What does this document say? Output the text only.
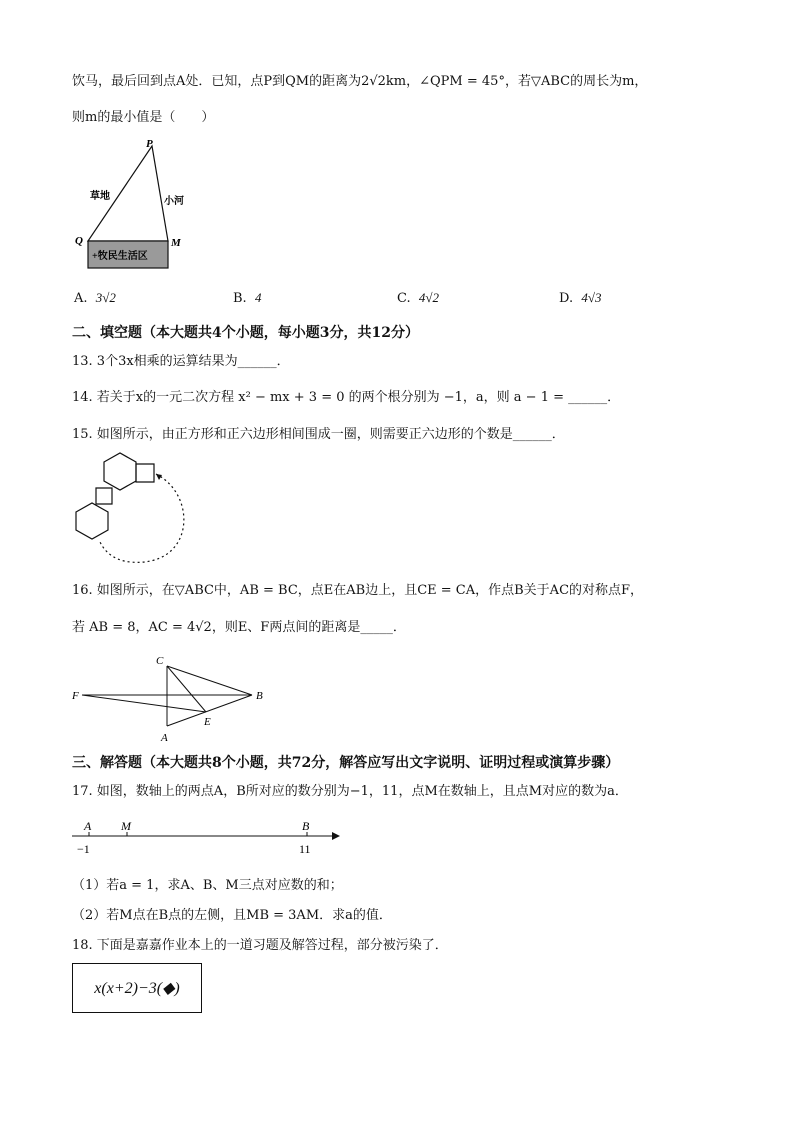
饮马，最后回到点A处．已知，点P到QM的距离为2√2km，∠QPM = 45°，若▽ABC的周长为m，
则m的最小值是（　　）
P
Q	M
草地	小河
+牧民生活区
A. 3√2	B. 4	C. 4√2	D. 4√3
二、填空题（本大题共4个小题，每小题3分，共12分）
13. 3个3x相乘的运算结果为______．
14. 若关于x的一元二次方程 x² − mx + 3 = 0 的两个根分别为 −1，a，则 a − 1 = ______．
15. 如图所示，由正方形和正六边形相间围成一圈，则需要正六边形的个数是______．
16. 如图所示，在▽ABC中，AB = BC，点E在AB边上，且CE = CA，作点B关于AC的对称点F，
若 AB = 8，AC = 4√2，则E、F两点间的距离是_____．
C
F	B
E
A
三、解答题（本大题共8个小题，共72分，解答应写出文字说明、证明过程或演算步骤）
17. 如图，数轴上的两点A，B所对应的数分别为−1，11，点M在数轴上，且点M对应的数为a．
A M	B
−1	11
（1）若a = 1，求A、B、M三点对应数的和；
（2）若M点在B点的左侧，且MB = 3AM．求a的值．
18. 下面是嘉嘉作业本上的一道习题及解答过程，部分被污染了．
x(x+2)−3(◆)
